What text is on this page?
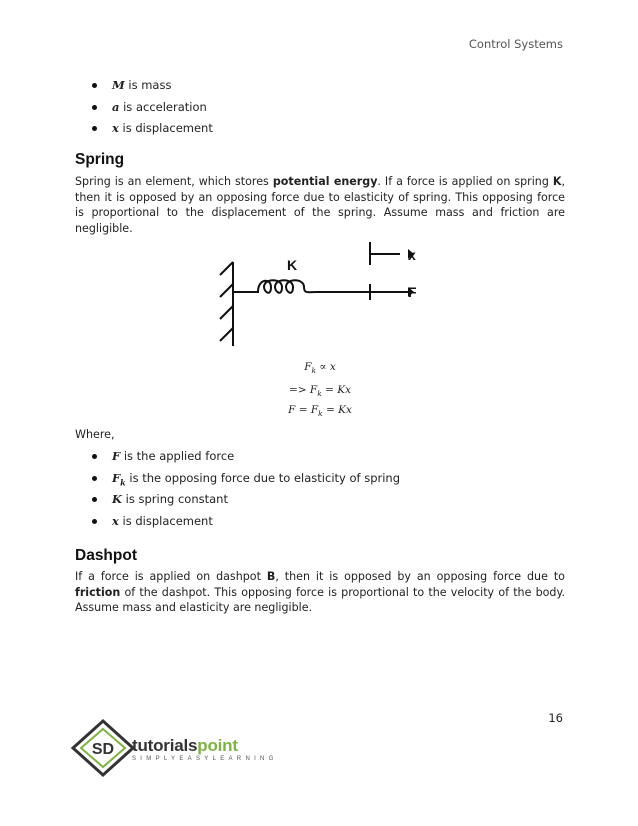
Control Systems
M is mass
a is acceleration
x is displacement
Spring
Spring is an element, which stores potential energy. If a force is applied on spring K, then it is opposed by an opposing force due to elasticity of spring. This opposing force is proportional to the displacement of the spring. Assume mass and friction are negligible.
K
x
F
$F_k \propto x$
=> $F_k = Kx$
$F = F_k = Kx$
Where,
F is the applied force
$F_k$ is the opposing force due to elasticity of spring
K is spring constant
x is displacement
Dashpot
If a force is applied on dashpot B, then it is opposed by an opposing force due to friction of the dashpot. This opposing force is proportional to the velocity of the body. Assume mass and elasticity are negligible.
16
SD tutorialspoint
SIMPLYEASYLEARNING
